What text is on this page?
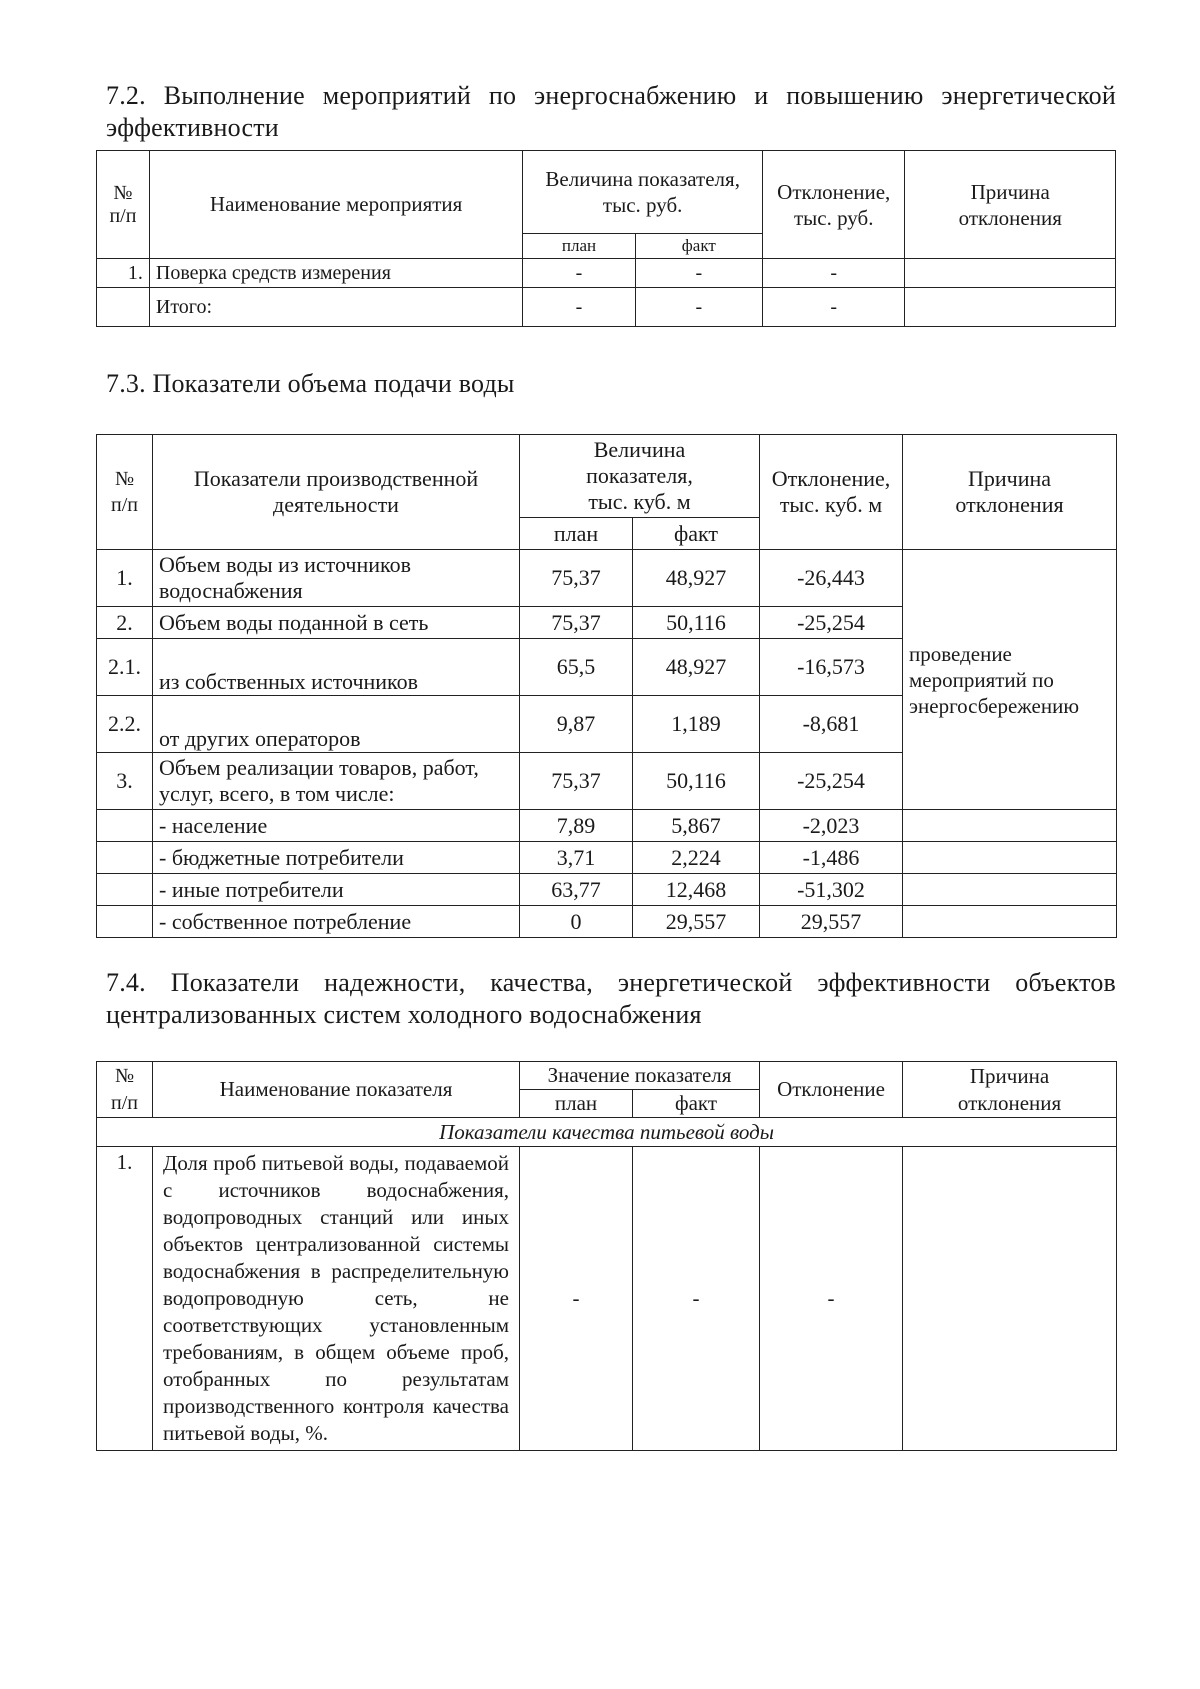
7.2. Выполнение мероприятий по энергоснабжению и повышению энергетической эффективности
№ п/п	Наименование мероприятия	Величина показателя, тыс. руб.		Отклонение, тыс. руб.	Причина отклонения
		план	факт		
1.	Поверка средств измерения	-	-	-	
	Итого:	-	-	-	
7.3. Показатели объема подачи воды
№ п/п	Показатели производственной деятельности	Величина показателя, тыс. куб. м		Отклонение, тыс. куб. м	Причина отклонения
		план	факт		
1.	Объем воды из источников водоснабжения	75,37	48,927	-26,443	проведение мероприятий по энергосбережению
2.	Объем воды поданной в сеть	75,37	50,116	-25,254	
2.1.	из собственных источников	65,5	48,927	-16,573	
2.2.	от других операторов	9,87	1,189	-8,681	
3.	Объем реализации товаров, работ, услуг, всего, в том числе:	75,37	50,116	-25,254	
	- население	7,89	5,867	-2,023	
	- бюджетные потребители	3,71	2,224	-1,486	
	- иные потребители	63,77	12,468	-51,302	
	- собственное потребление	0	29,557	29,557	
7.4. Показатели надежности, качества, энергетической эффективности объектов централизованных систем холодного водоснабжения
№ п/п	Наименование показателя	Значение показателя		Отклонение	Причина отклонения
		план	факт		
Показатели качества питьевой воды					
1.	Доля проб питьевой воды, подаваемой с источников водоснабжения, водопроводных станций или иных объектов централизованной системы водоснабжения в распределительную водопроводную сеть, не соответствующих установленным требованиям, в общем объеме проб, отобранных по результатам производственного контроля качества питьевой воды, %.	-	-	-	
